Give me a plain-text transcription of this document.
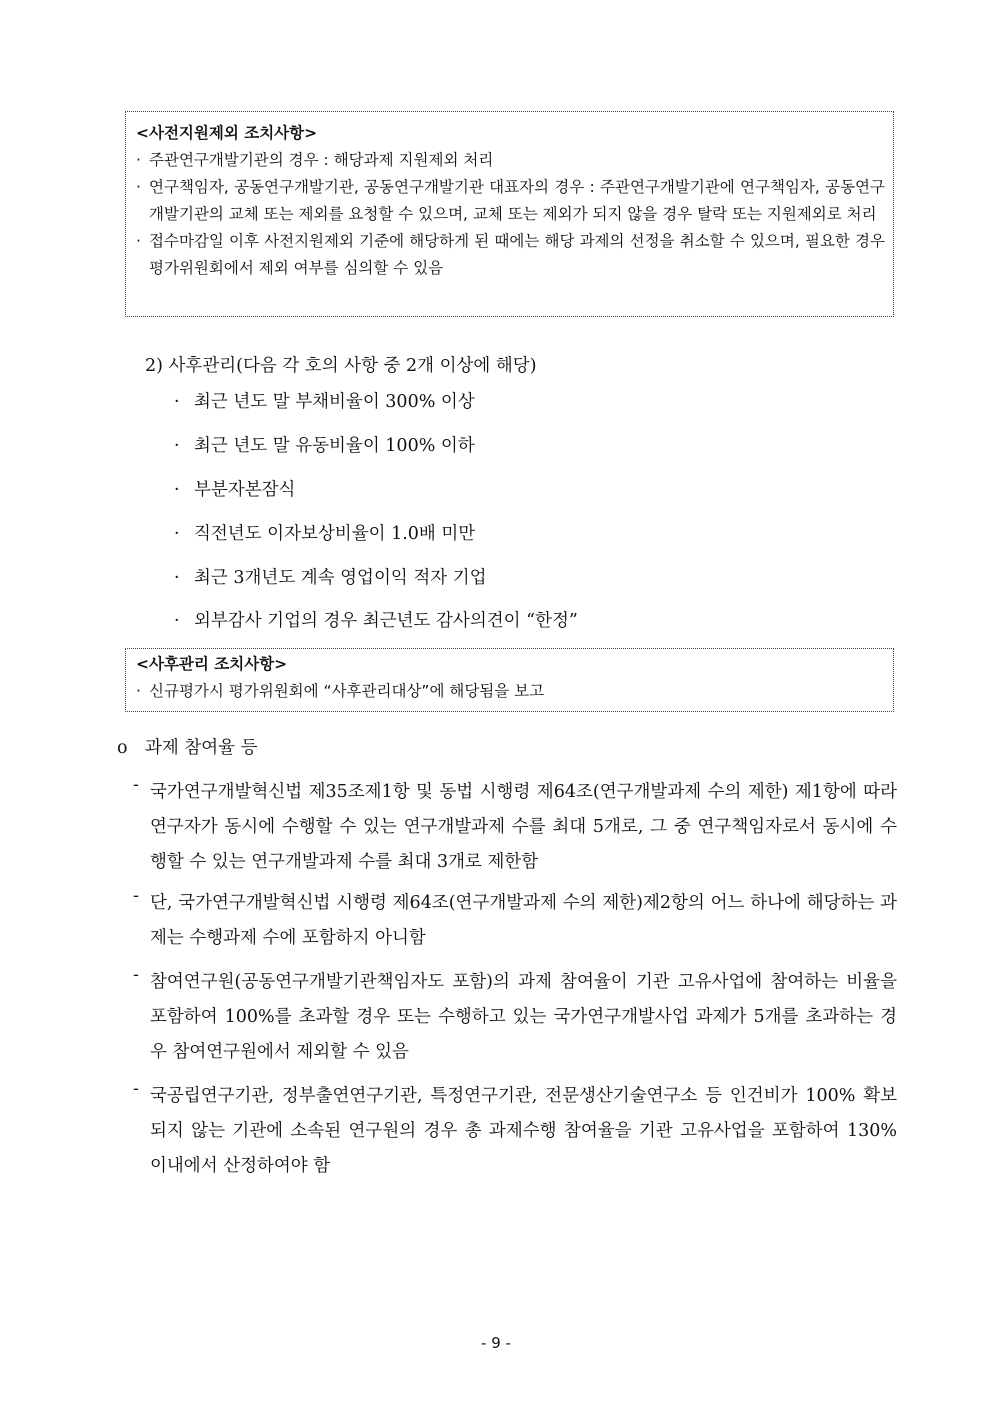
<사전지원제외 조치사항>
· 주관연구개발기관의 경우 : 해당과제 지원제외 처리
· 연구책임자, 공동연구개발기관, 공동연구개발기관 대표자의 경우 : 주관연구개발기관에 연구책임자, 공동연구개발기관의 교체 또는 제외를 요청할 수 있으며, 교체 또는 제외가 되지 않을 경우 탈락 또는 지원제외로 처리
· 접수마감일 이후 사전지원제외 기준에 해당하게 된 때에는 해당 과제의 선정을 취소할 수 있으며, 필요한 경우 평가위원회에서 제외 여부를 심의할 수 있음
2) 사후관리(다음 각 호의 사항 중 2개 이상에 해당)
· 최근 년도 말 부채비율이 300% 이상
· 최근 년도 말 유동비율이 100% 이하
· 부분자본잠식
· 직전년도 이자보상비율이 1.0배 미만
· 최근 3개년도 계속 영업이익 적자 기업
· 외부감사 기업의 경우 최근년도 감사의견이 “한정”
<사후관리 조치사항>
· 신규평가시 평가위원회에 “사후관리대상”에 해당됨을 보고
o 과제 참여율 등
- 국가연구개발혁신법 제35조제1항 및 동법 시행령 제64조(연구개발과제 수의 제한) 제1항에 따라 연구자가 동시에 수행할 수 있는 연구개발과제 수를 최대 5개로, 그 중 연구책임자로서 동시에 수행할 수 있는 연구개발과제 수를 최대 3개로 제한함
- 단, 국가연구개발혁신법 시행령 제64조(연구개발과제 수의 제한)제2항의 어느 하나에 해당하는 과제는 수행과제 수에 포함하지 아니함
- 참여연구원(공동연구개발기관책임자도 포함)의 과제 참여율이 기관 고유사업에 참여하는 비율을 포함하여 100%를 초과할 경우 또는 수행하고 있는 국가연구개발사업 과제가 5개를 초과하는 경우 참여연구원에서 제외할 수 있음
- 국공립연구기관, 정부출연연구기관, 특정연구기관, 전문생산기술연구소 등 인건비가 100% 확보되지 않는 기관에 소속된 연구원의 경우 총 과제수행 참여율을 기관 고유사업을 포함하여 130% 이내에서 산정하여야 함
- 9 -
